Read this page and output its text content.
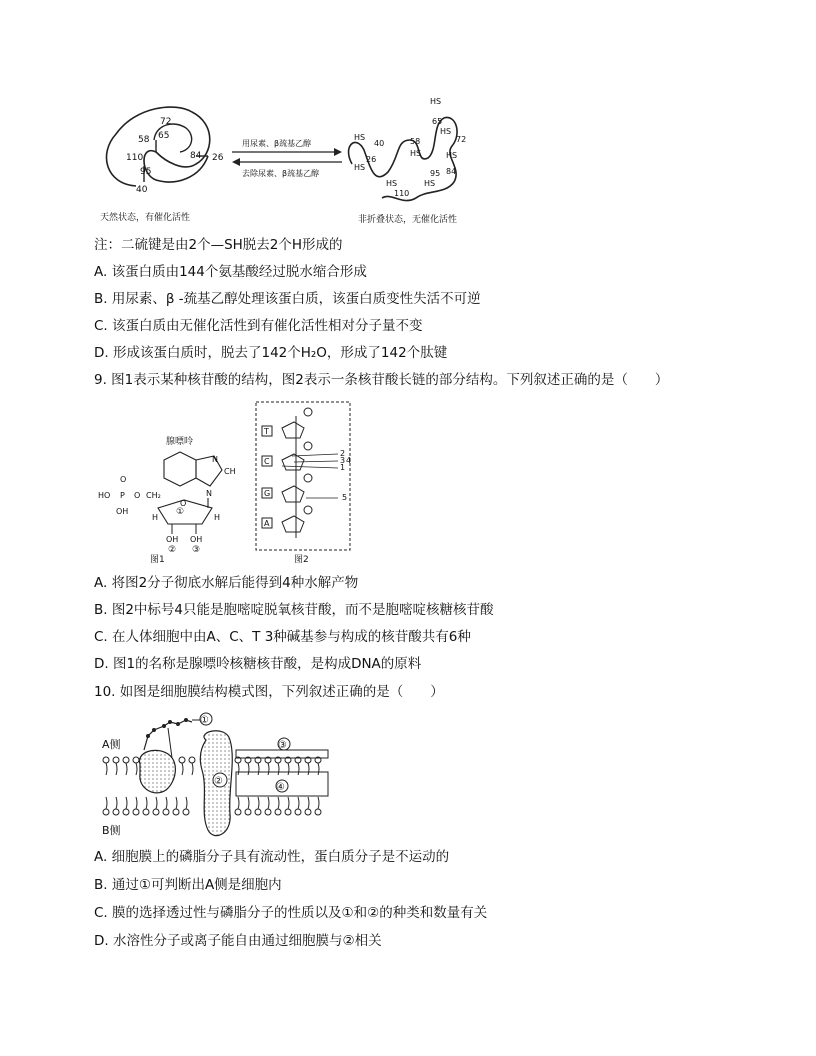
72
65
58
110	84 26
95
40
天然状态，有催化活性
用尿素、β巯基乙醇
去除尿素、β巯基乙醇
HS
65
HS
72
HS
40	58
HS
26	HS
HS	84
95
HS
HS
110
非折叠状态，无催化活性
注：二硫键是由2个—SH脱去2个H形成的
A. 该蛋白质由144个氨基酸经过脱水缩合形成
B. 用尿素、β -巯基乙醇处理该蛋白质，该蛋白质变性失活不可逆
C. 该蛋白质由无催化活性到有催化活性相对分子量不变
D. 形成该蛋白质时，脱去了142个H₂O，形成了142个肽键
9. 图1表示某种核苷酸的结构，图2表示一条核苷酸长链的部分结构。下列叙述正确的是（　　）
腺嘌呤
N
CH
N
O
HO P O CH₂
OH
O
①
H	H
OH OH
② ③
图1
T
C
G
A
2
3
1
4
5
图2
A. 将图2分子彻底水解后能得到4种水解产物
B. 图2中标号4只能是胞嘧啶脱氧核苷酸，而不是胞嘧啶核糖核苷酸
C. 在人体细胞中由A、C、T 3种碱基参与构成的核苷酸共有6种
D. 图1的名称是腺嘌呤核糖核苷酸，是构成DNA的原料
10. 如图是细胞膜结构模式图，下列叙述正确的是（　　）
A侧
B侧
①
②
③
④
A. 细胞膜上的磷脂分子具有流动性，蛋白质分子是不运动的
B. 通过①可判断出A侧是细胞内
C. 膜的选择透过性与磷脂分子的性质以及①和②的种类和数量有关
D. 水溶性分子或离子能自由通过细胞膜与②相关
